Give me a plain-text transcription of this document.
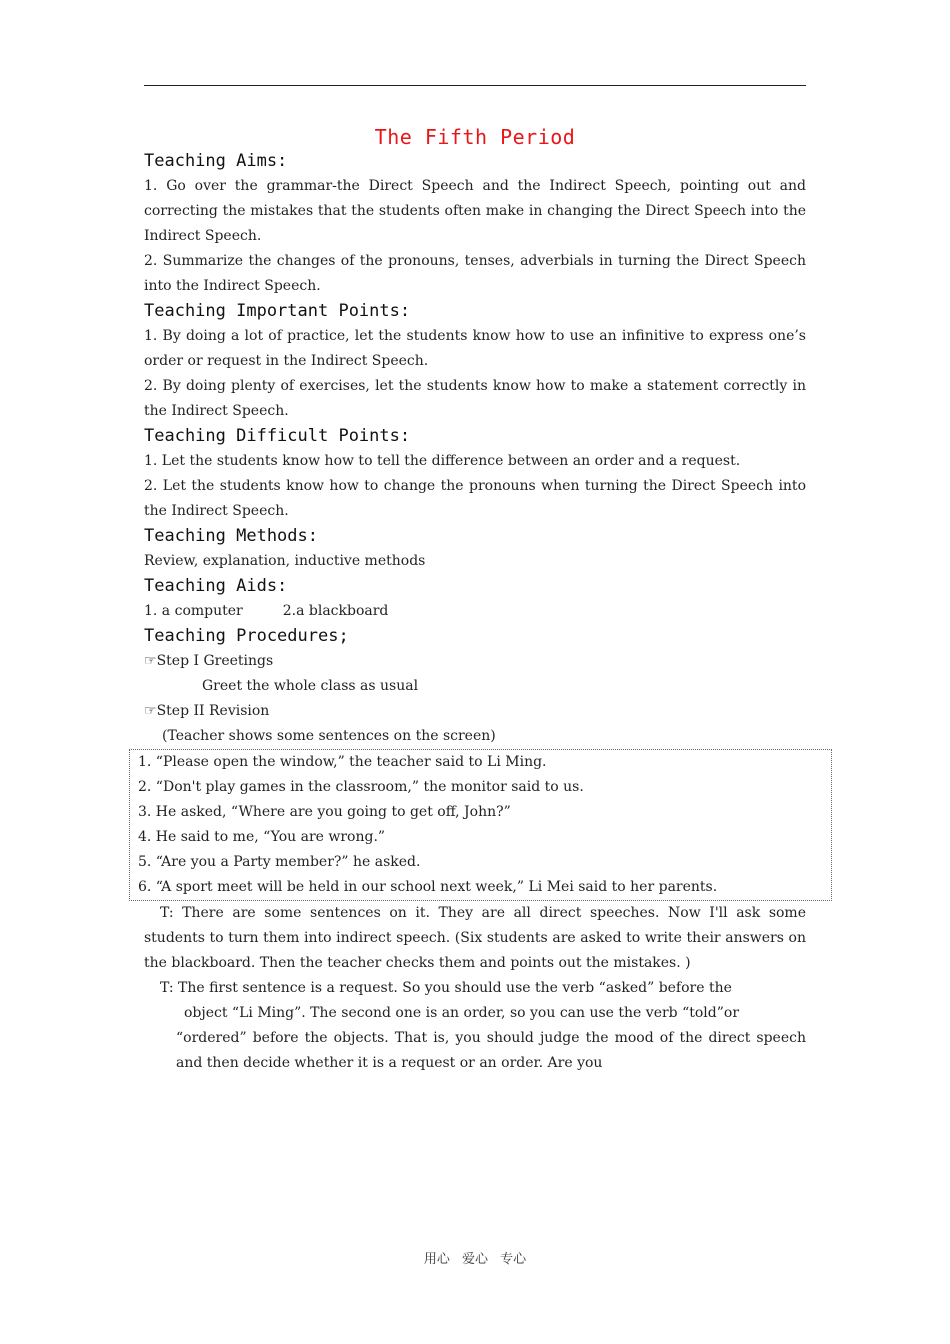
The Fifth Period
Teaching Aims:
1. Go over the grammar-the Direct Speech and the Indirect Speech, pointing out and correcting the mistakes that the students often make in changing the Direct Speech into the Indirect Speech.
2. Summarize the changes of the pronouns, tenses, adverbials in turning the Direct Speech into the Indirect Speech.
Teaching Important Points:
1. By doing a lot of practice, let the students know how to use an infinitive to express one’s order or request in the Indirect Speech.
2. By doing plenty of exercises, let the students know how to make a statement correctly in the Indirect Speech.
Teaching Difficult Points:
1. Let the students know how to tell the difference between an order and a request.
2. Let the students know how to change the pronouns when turning the Direct Speech into the Indirect Speech.
Teaching Methods:
Review, explanation, inductive methods
Teaching Aids:
1. a computer	2.a blackboard
Teaching Procedures;
☞Step I Greetings
Greet the whole class as usual
☞Step II Revision
(Teacher shows some sentences on the screen)
1. “Please open the window,” the teacher said to Li Ming.
2. “Don't play games in the classroom,” the monitor said to us.
3. He asked, “Where are you going to get off, John?”
4. He said to me, “You are wrong.”
5. “Are you a Party member?” he asked.
6. “A sport meet will be held in our school next week,” Li Mei said to her parents.
T: There are some sentences on it. They are all direct speeches. Now I'll ask some students to turn them into indirect speech. (Six students are asked to write their answers on the blackboard. Then the teacher checks them and points out the mistakes. )
T: The first sentence is a request. So you should use the verb “asked” before the
object “Li Ming”. The second one is an order, so you can use the verb “told”or
“ordered” before the objects. That is, you should judge the mood of the direct speech and then decide whether it is a request or an order. Are you
用心 爱心 专心
